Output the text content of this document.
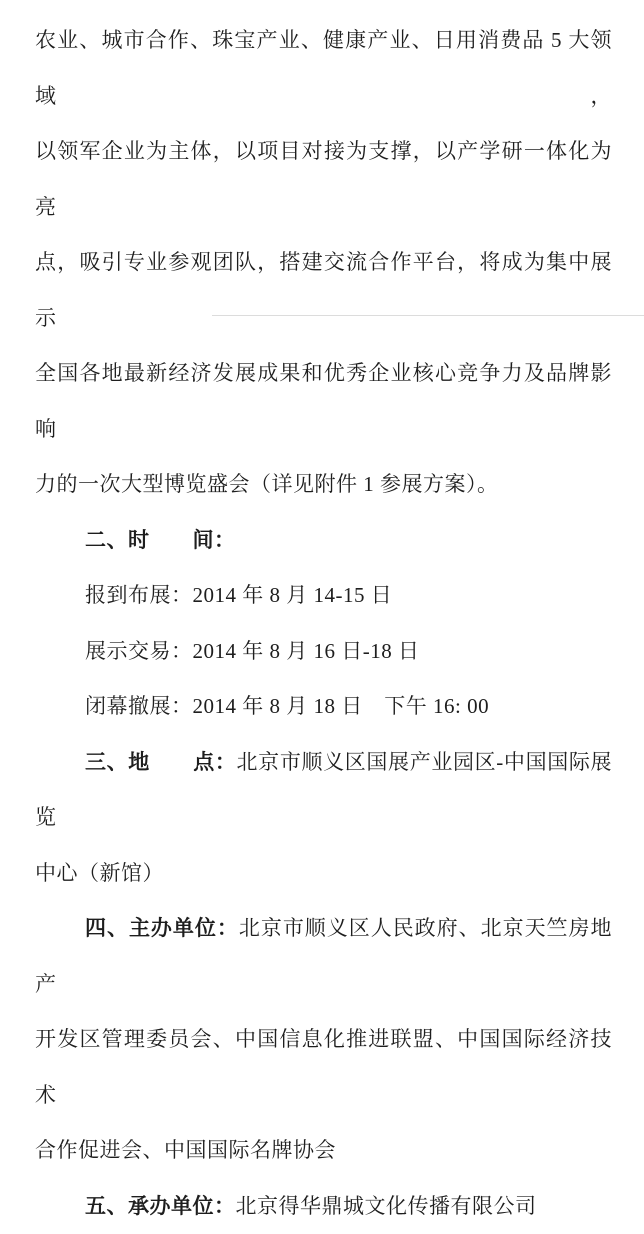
农业、城市合作、珠宝产业、健康产业、日用消费品 5 大领域，
以领军企业为主体，以项目对接为支撑，以产学研一体化为亮
点，吸引专业参观团队，搭建交流合作平台，将成为集中展示
全国各地最新经济发展成果和优秀企业核心竞争力及品牌影响
力的一次大型博览盛会（详见附件 1 参展方案）。
二、时　　间：
报到布展：2014 年 8 月 14-15 日
展示交易：2014 年 8 月 16 日-18 日
闭幕撤展：2014 年 8 月 18 日　下午 16: 00
三、地　　点：北京市顺义区国展产业园区-中国国际展览
中心（新馆）
四、主办单位：北京市顺义区人民政府、北京天竺房地产
开发区管理委员会、中国信息化推进联盟、中国国际经济技术
合作促进会、中国国际名牌协会
五、承办单位：北京得华鼎城文化传播有限公司
